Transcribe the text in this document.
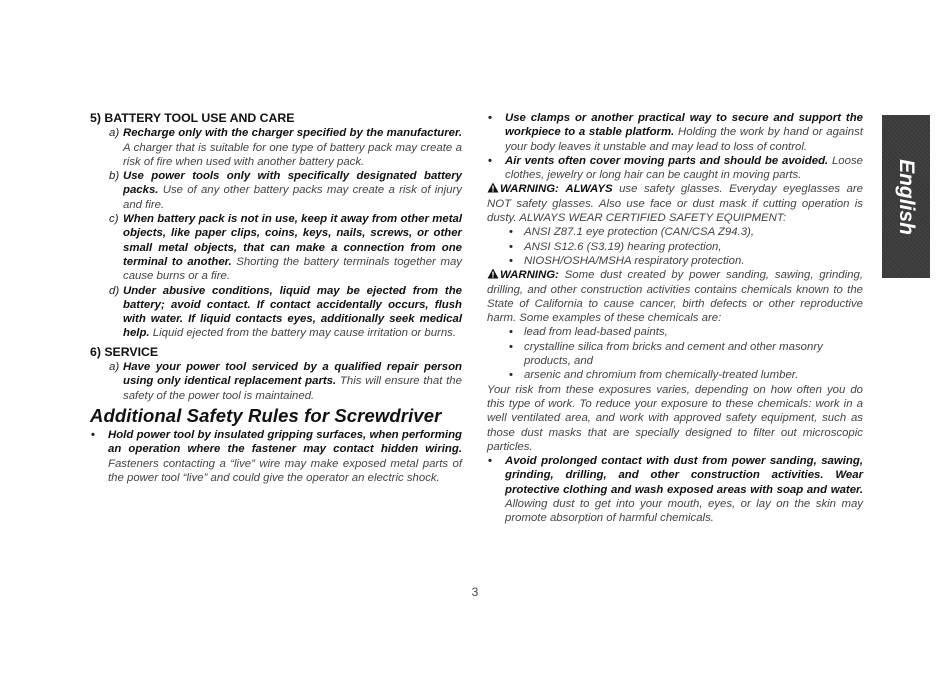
5) BATTERY TOOL USE AND CARE

a) Recharge only with the charger specified by the manufacturer. A charger that is suitable for one type of battery pack may create a risk of fire when used with another battery pack.

b) Use power tools only with specifically designated battery packs. Use of any other battery packs may create a risk of injury and fire.

c) When battery pack is not in use, keep it away from other metal objects, like paper clips, coins, keys, nails, screws, or other small metal objects, that can make a connection from one terminal to another. Shorting the battery terminals together may cause burns or a fire.

d) Under abusive conditions, liquid may be ejected from the battery; avoid contact. If contact accidentally occurs, flush with water. If liquid contacts eyes, additionally seek medical help. Liquid ejected from the battery may cause irritation or burns.

6) SERVICE

a) Have your power tool serviced by a qualified repair person using only identical replacement parts. This will ensure that the safety of the power tool is maintained.

Additional Safety Rules for Screwdriver

• Hold power tool by insulated gripping surfaces, when performing an operation where the fastener may contact hidden wiring. Fasteners contacting a “live” wire may make exposed metal parts of the power tool “live” and could give the operator an electric shock.

• Use clamps or another practical way to secure and support the workpiece to a stable platform. Holding the work by hand or against your body leaves it unstable and may lead to loss of control.

• Air vents often cover moving parts and should be avoided. Loose clothes, jewelry or long hair can be caught in moving parts.

WARNING: ALWAYS use safety glasses. Everyday eyeglasses are NOT safety glasses. Also use face or dust mask if cutting operation is dusty. ALWAYS WEAR CERTIFIED SAFETY EQUIPMENT:

• ANSI Z87.1 eye protection (CAN/CSA Z94.3),

• ANSI S12.6 (S3.19) hearing protection,

• NIOSH/OSHA/MSHA respiratory protection.

WARNING: Some dust created by power sanding, sawing, grinding, drilling, and other construction activities contains chemicals known to the State of California to cause cancer, birth defects or other reproductive harm. Some examples of these chemicals are:

• lead from lead-based paints,

• crystalline silica from bricks and cement and other masonry products, and

• arsenic and chromium from chemically-treated lumber.

Your risk from these exposures varies, depending on how often you do this type of work. To reduce your exposure to these chemicals: work in a well ventilated area, and work with approved safety equipment, such as those dust masks that are specially designed to filter out microscopic particles.

• Avoid prolonged contact with dust from power sanding, sawing, grinding, drilling, and other construction activities. Wear protective clothing and wash exposed areas with soap and water. Allowing dust to get into your mouth, eyes, or lay on the skin may promote absorption of harmful chemicals.

English
3
